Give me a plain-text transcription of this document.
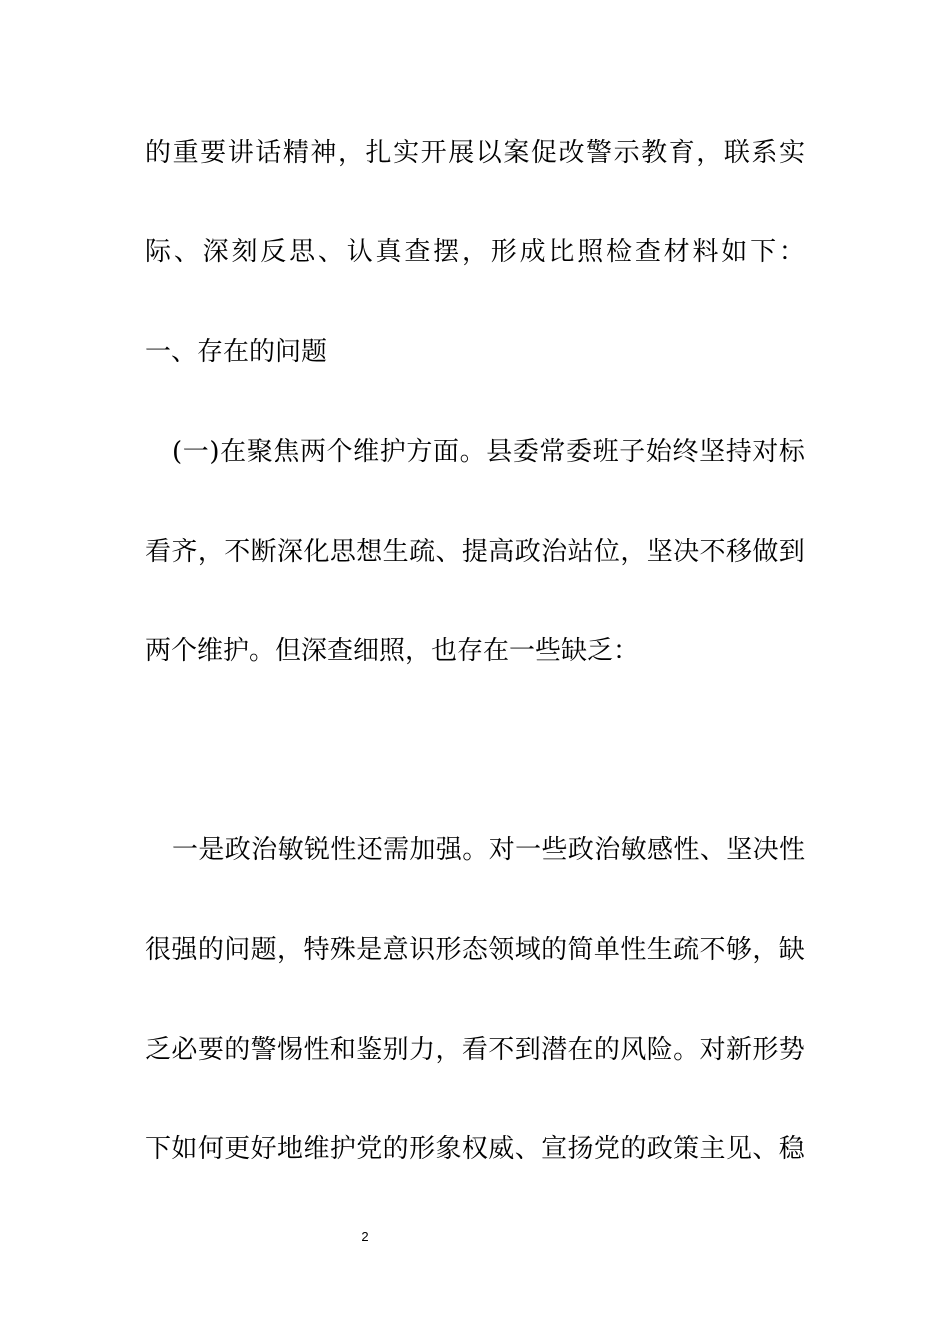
的 重 要 讲 话 精 神 ， 扎 实 开 展 以 案 促 改 警 示 教 育 ， 联 系 实
际 、 深 刻 反 思 、 认 真 查 摆 ， 形 成 比 照 检 查 材 料 如 下 ：
一、存在的问题
( 一 ) 在 聚 焦 两 个 维 护 方 面 。 县 委 常 委 班 子 始 终 坚 持 对 标
看 齐 ， 不 断 深 化 思 想 生 疏 、 提 高 政 治 站 位 ， 坚 决 不 移 做 到
两个维护。但深查细照，也存在一些缺乏：
一 是 政 治 敏 锐 性 还 需 加 强 。 对 一 些 政 治 敏 感 性 、 坚 决 性
很 强 的 问 题 ， 特 殊 是 意 识 形 态 领 域 的 简 单 性 生 疏 不 够 ， 缺
乏 必 要 的 警 惕 性 和 鉴 别 力 ， 看 不 到 潜 在 的 风 险 。 对 新 形 势
下 如 何 更 好 地 维 护 党 的 形 象 权 威 、 宣 扬 党 的 政 策 主 见 、 稳
2
